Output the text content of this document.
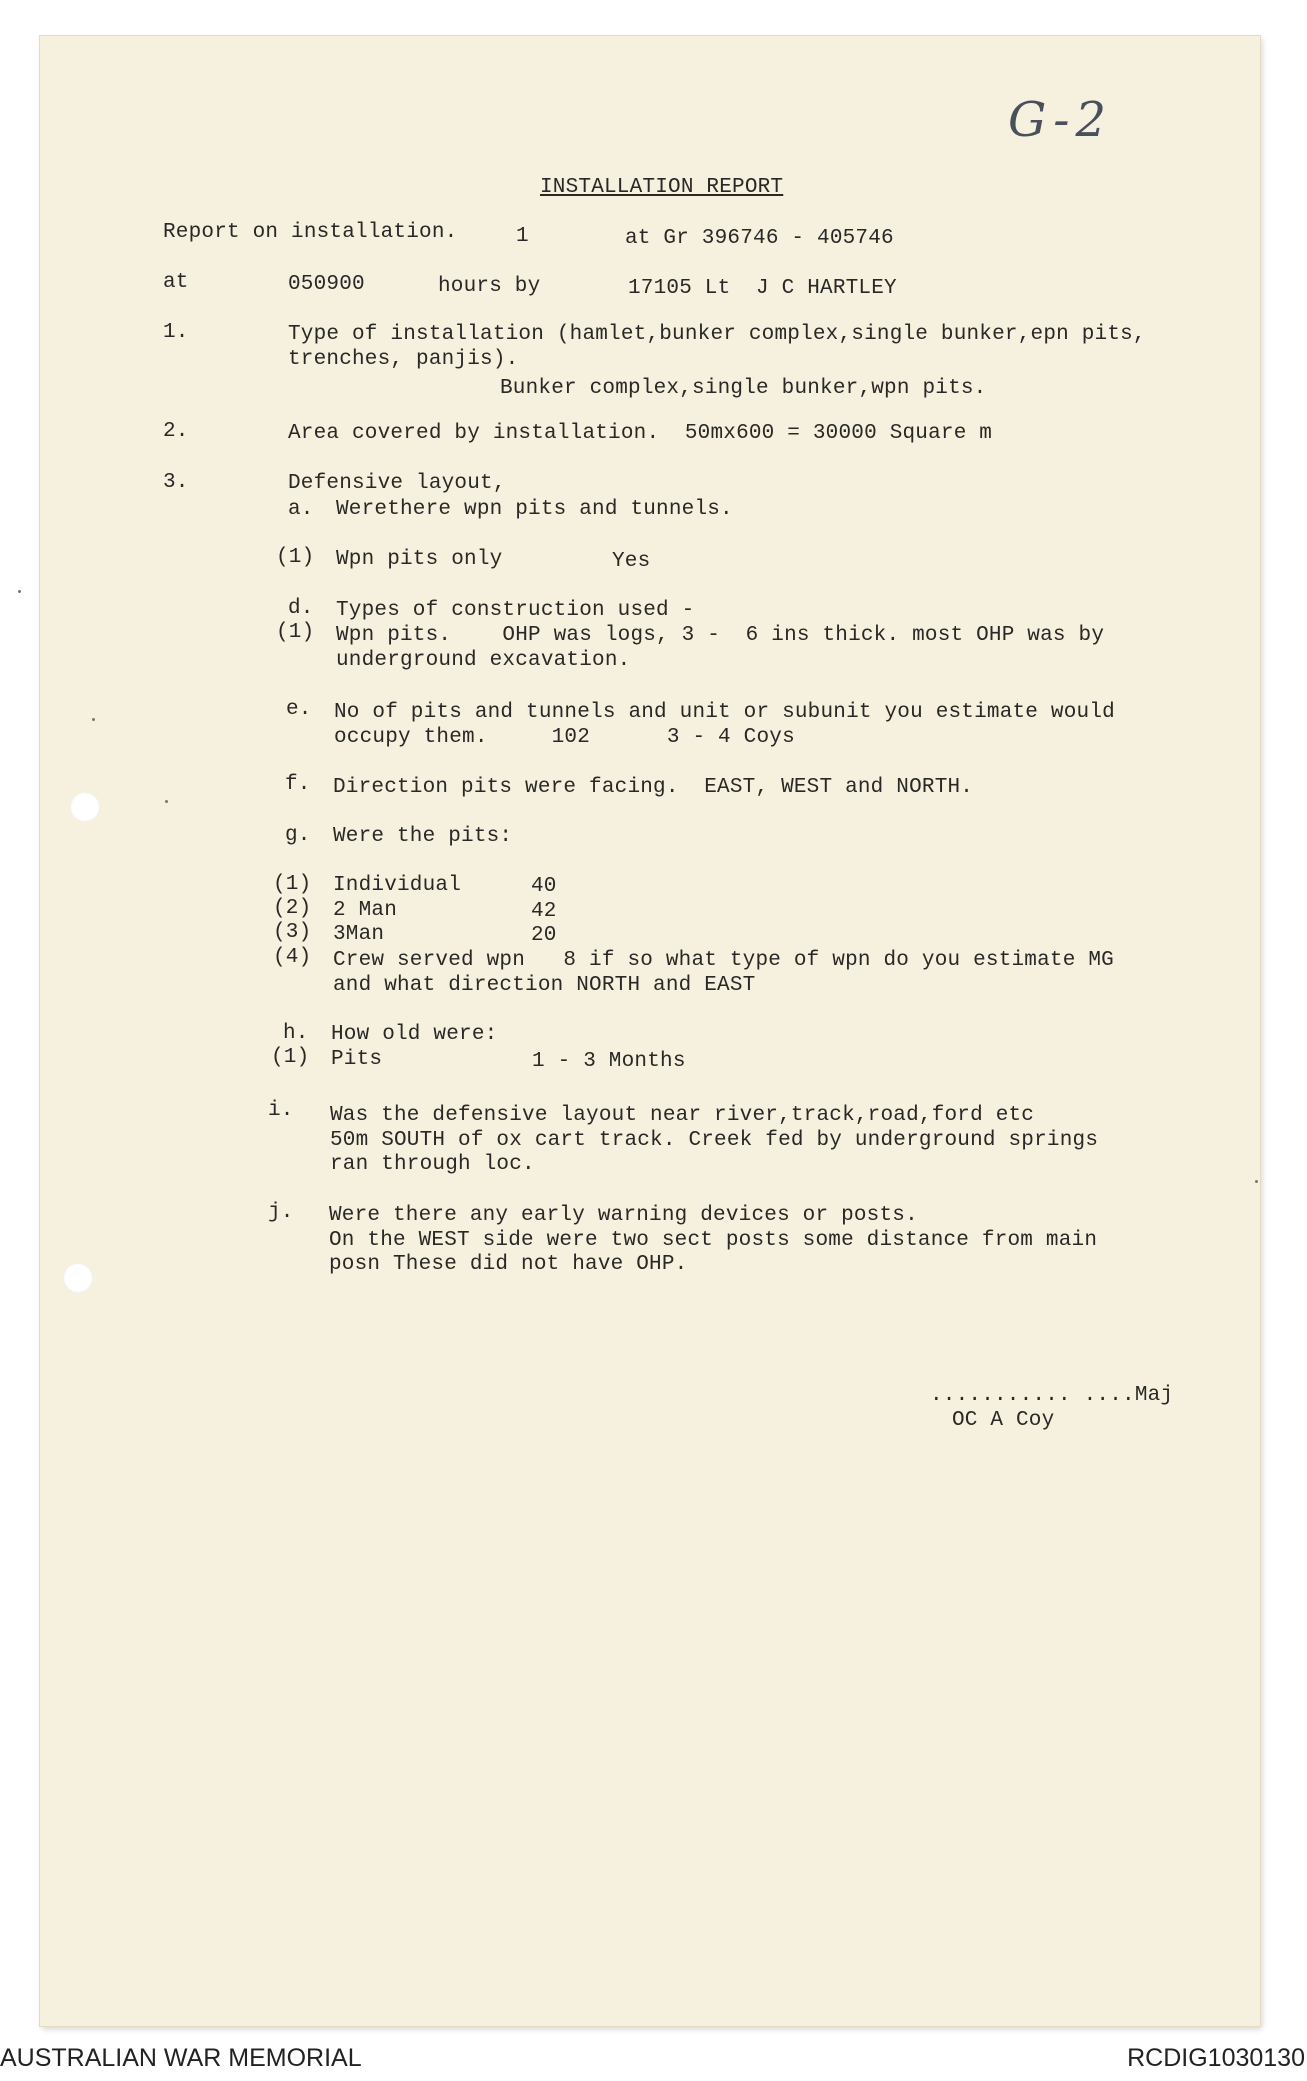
G-2
INSTALLATION REPORT
Report on installation.	1	at Gr 396746 - 405746
at	050900	hours by	17105 Lt  J C HARTLEY
1.	Type of installation (hamlet,bunker complex,single bunker,epn pits,
trenches, panjis).
Bunker complex,single bunker,wpn pits.
2.	Area covered by installation.  50mx600 = 30000 Square m
3.	Defensive layout,
a. Werethere wpn pits and tunnels.
(1) Wpn pits only	Yes
d. Types of construction used -
(1) Wpn pits.    OHP was logs, 3 -  6 ins thick. most OHP was by
underground excavation.
e. No of pits and tunnels and unit or subunit you estimate would
occupy them.     102      3 - 4 Coys
f. Direction pits were facing.  EAST, WEST and NORTH.
g. Were the pits:
(1) Individual	40
(2) 2 Man	42
(3) 3Man	20
(4) Crew served wpn   8 if so what type of wpn do you estimate MG
and what direction NORTH and EAST
h. How old were:
(1) Pits	1 - 3 Months
i. Was the defensive layout near river,track,road,ford etc
50m SOUTH of ox cart track. Creek fed by underground springs
ran through loc.
j. Were there any early warning devices or posts.
On the WEST side were two sect posts some distance from main
posn These did not have OHP.
........... ....Maj
OC A Coy
AUSTRALIAN WAR MEMORIAL	RCDIG1030130
